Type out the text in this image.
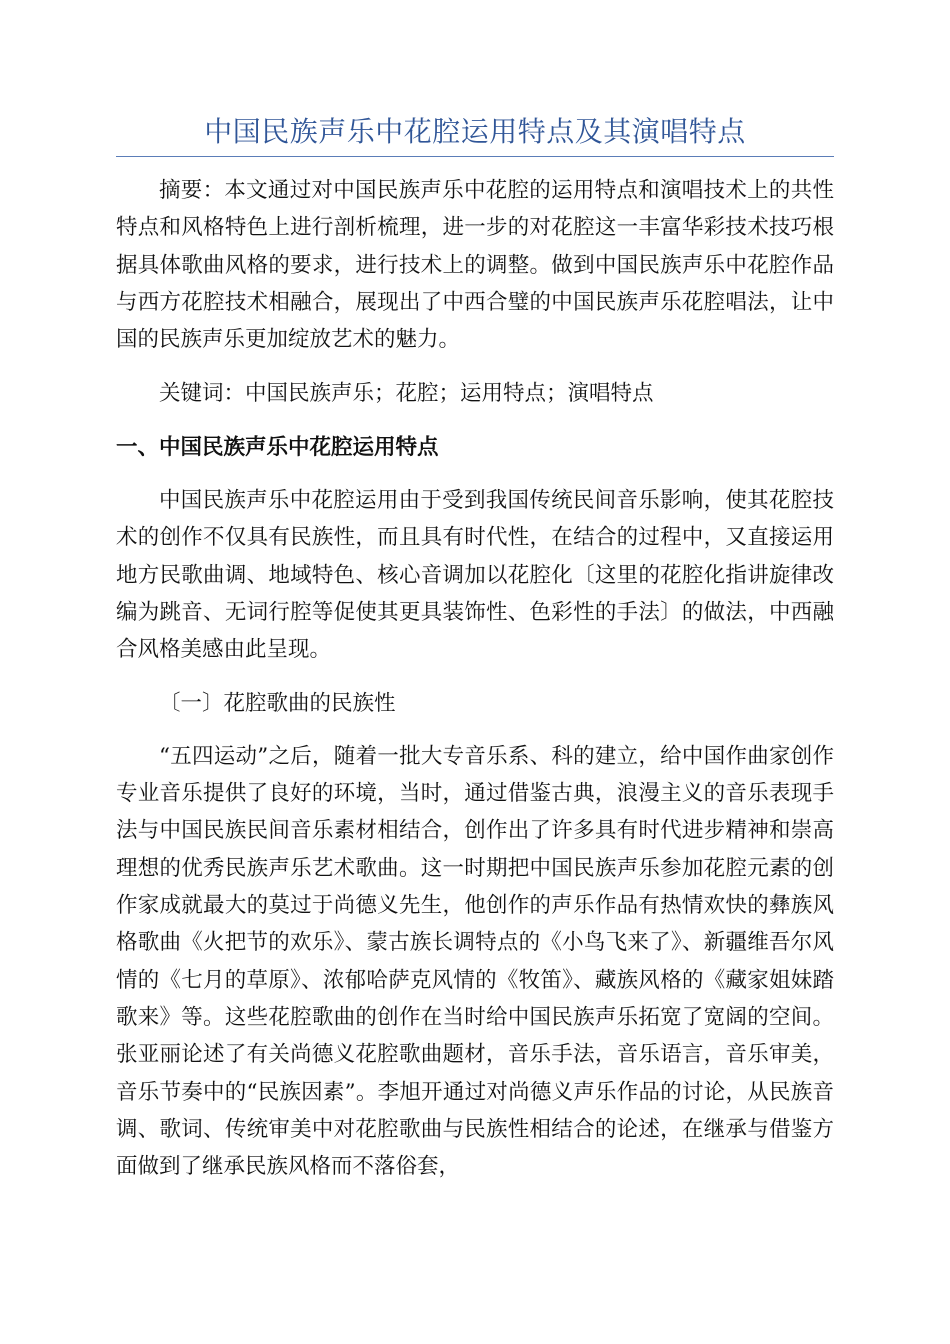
中国民族声乐中花腔运用特点及其演唱特点

摘要：本文通过对中国民族声乐中花腔的运用特点和演唱技术上的共性特点和风格特色上进行剖析梳理，进一步的对花腔这一丰富华彩技术技巧根据具体歌曲风格的要求，进行技术上的调整。做到中国民族声乐中花腔作品与西方花腔技术相融合，展现出了中西合璧的中国民族声乐花腔唱法，让中国的民族声乐更加绽放艺术的魅力。

关键词：中国民族声乐；花腔；运用特点；演唱特点

一、中国民族声乐中花腔运用特点

中国民族声乐中花腔运用由于受到我国传统民间音乐影响，使其花腔技术的创作不仅具有民族性，而且具有时代性，在结合的过程中，又直接运用地方民歌曲调、地域特色、核心音调加以花腔化〔这里的花腔化指讲旋律改编为跳音、无词行腔等促使其更具装饰性、色彩性的手法〕的做法，中西融合风格美感由此呈现。

〔一〕花腔歌曲的民族性

“五四运动”之后，随着一批大专音乐系、科的建立，给中国作曲家创作专业音乐提供了良好的环境，当时，通过借鉴古典，浪漫主义的音乐表现手法与中国民族民间音乐素材相结合，创作出了许多具有时代进步精神和崇高理想的优秀民族声乐艺术歌曲。这一时期把中国民族声乐参加花腔元素的创作家成就最大的莫过于尚德义先生，他创作的声乐作品有热情欢快的彝族风格歌曲《火把节的欢乐》、蒙古族长调特点的《小鸟飞来了》、新疆维吾尔风情的《七月的草原》、浓郁哈萨克风情的《牧笛》、藏族风格的《藏家姐妹踏歌来》等。这些花腔歌曲的创作在当时给中国民族声乐拓宽了宽阔的空间。张亚丽论述了有关尚德义花腔歌曲题材，音乐手法，音乐语言，音乐审美，音乐节奏中的“民族因素”。李旭开通过对尚德义声乐作品的讨论，从民族音调、歌词、传统审美中对花腔歌曲与民族性相结合的论述，在继承与借鉴方面做到了继承民族风格而不落俗套，
